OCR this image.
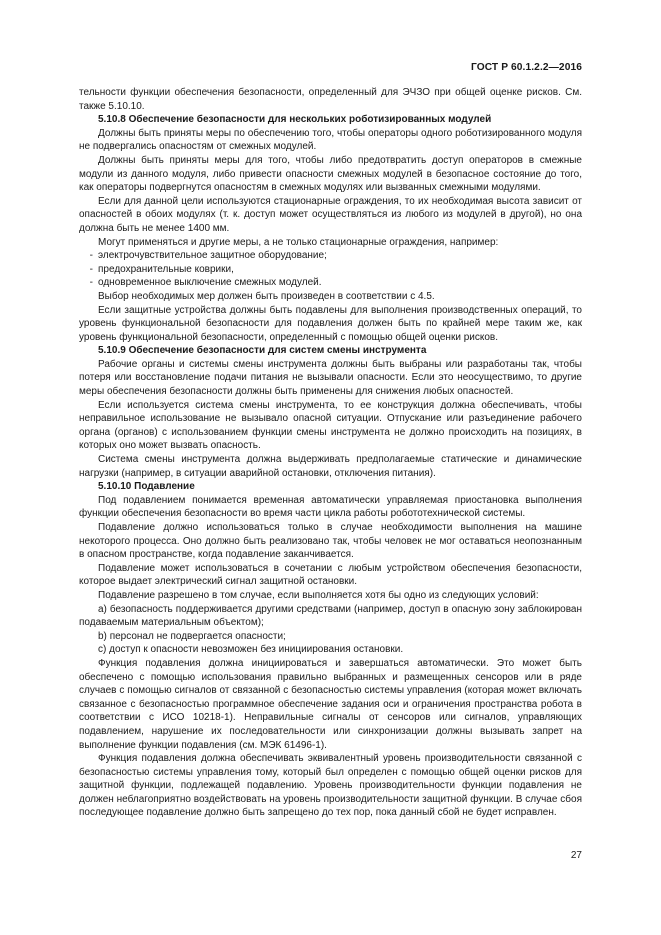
ГОСТ Р 60.1.2.2—2016

тельности функции обеспечения безопасности, определенный для ЭЧЗО при общей оценке рисков. См. также 5.10.10.

5.10.8 Обеспечение безопасности для нескольких роботизированных модулей

Должны быть приняты меры по обеспечению того, чтобы операторы одного роботизированного модуля не подвергались опасностям от смежных модулей.

Должны быть приняты меры для того, чтобы либо предотвратить доступ операторов в смежные модули из данного модуля, либо привести опасности смежных модулей в безопасное состояние до того, как операторы подвергнутся опасностям в смежных модулях или вызванных смежными модулями.

Если для данной цели используются стационарные ограждения, то их необходимая высота зависит от опасностей в обоих модулях (т. к. доступ может осуществляться из любого из модулей в другой), но она должна быть не менее 1400 мм.

Могут применяться и другие меры, а не только стационарные ограждения, например:

- электрочувствительное защитное оборудование;

- предохранительные коврики,

- одновременное выключение смежных модулей.

Выбор необходимых мер должен быть произведен в соответствии с 4.5.

Если защитные устройства должны быть подавлены для выполнения производственных операций, то уровень функциональной безопасности для подавления должен быть по крайней мере таким же, как уровень функциональной безопасности, определенный с помощью общей оценки рисков.

5.10.9 Обеспечение безопасности для систем смены инструмента

Рабочие органы и системы смены инструмента должны быть выбраны или разработаны так, чтобы потеря или восстановление подачи питания не вызывали опасности. Если это неосуществимо, то другие меры обеспечения безопасности должны быть применены для снижения любых опасностей.

Если используется система смены инструмента, то ее конструкция должна обеспечивать, чтобы неправильное использование не вызывало опасной ситуации. Отпускание или разъединение рабочего органа (органов) с использованием функции смены инструмента не должно происходить на позициях, в которых оно может вызвать опасность.

Система смены инструмента должна выдерживать предполагаемые статические и динамические нагрузки (например, в ситуации аварийной остановки, отключения питания).

5.10.10 Подавление

Под подавлением понимается временная автоматически управляемая приостановка выполнения функции обеспечения безопасности во время части цикла работы робототехнической системы.

Подавление должно использоваться только в случае необходимости выполнения на машине некоторого процесса. Оно должно быть реализовано так, чтобы человек не мог оставаться неопознанным в опасном пространстве, когда подавление заканчивается.

Подавление может использоваться в сочетании с любым устройством обеспечения безопасности, которое выдает электрический сигнал защитной остановки.

Подавление разрешено в том случае, если выполняется хотя бы одно из следующих условий:

a) безопасность поддерживается другими средствами (например, доступ в опасную зону заблокирован подаваемым материальным объектом);

b) персонал не подвергается опасности;

c) доступ к опасности невозможен без инициирования остановки.

Функция подавления должна инициироваться и завершаться автоматически. Это может быть обеспечено с помощью использования правильно выбранных и размещенных сенсоров или в ряде случаев с помощью сигналов от связанной с безопасностью системы управления (которая может включать связанное с безопасностью программное обеспечение задания оси и ограничения пространства робота в соответствии с ИСО 10218-1). Неправильные сигналы от сенсоров или сигналов, управляющих подавлением, нарушение их последовательности или синхронизации должны вызывать запрет на выполнение функции подавления (см. МЭК 61496-1).

Функция подавления должна обеспечивать эквивалентный уровень производительности связанной с безопасностью системы управления тому, который был определен с помощью общей оценки рисков для защитной функции, подлежащей подавлению. Уровень производительности функции подавления не должен неблагоприятно воздействовать на уровень производительности защитной функции. В случае сбоя последующее подавление должно быть запрещено до тех пор, пока данный сбой не будет исправлен.

27
